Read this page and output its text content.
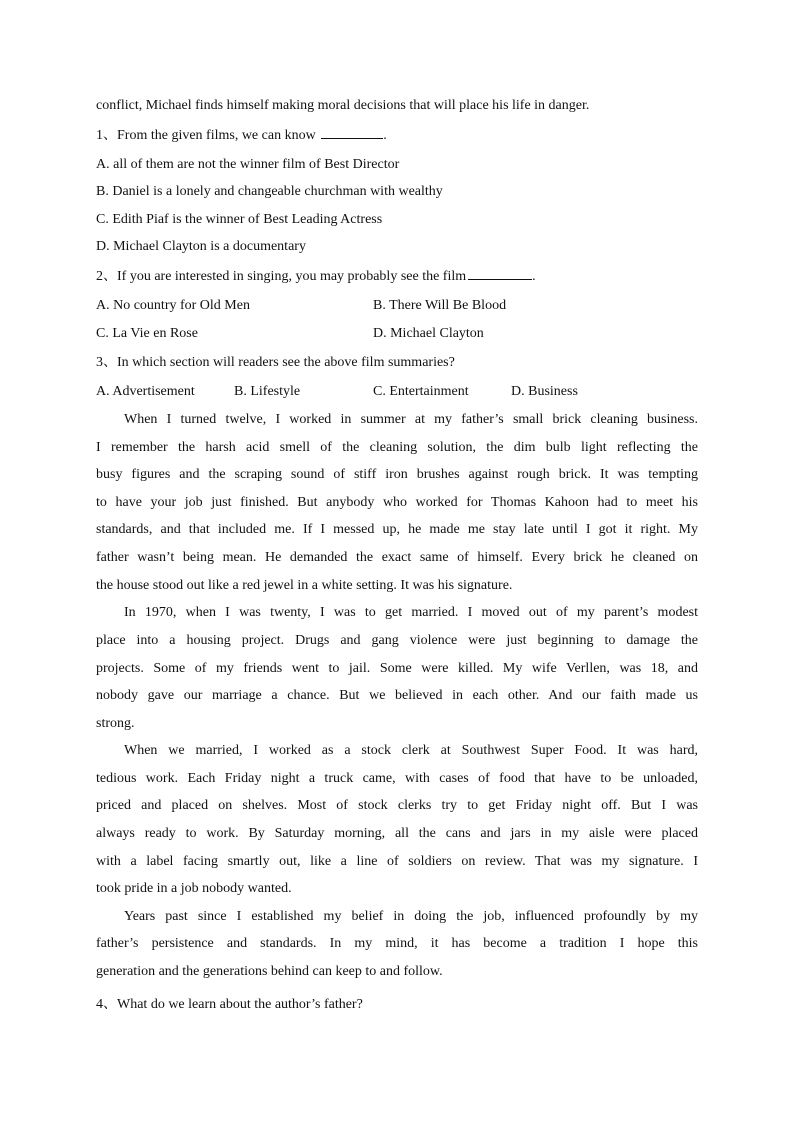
conflict, Michael finds himself making moral decisions that will place his life in danger.
1、From the given films, we can know	.
A. all of them are not the winner film of Best Director
B. Daniel is a lonely and changeable churchman with wealthy
C. Edith Piaf is the winner of Best Leading Actress
D. Michael Clayton is a documentary
2、If you are interested in singing, you may probably see the film	.
A. No country for Old Men	B. There Will Be Blood
C. La Vie en Rose	D. Michael Clayton
3、In which section will readers see the above film summaries?
A. Advertisement	B. Lifestyle	C. Entertainment	D. Business
When I turned twelve, I worked in summer at my father’s small brick cleaning business.
I remember the harsh acid smell of the cleaning solution, the dim bulb light reflecting the
busy figures and the scraping sound of stiff iron brushes against rough brick. It was tempting
to have your job just finished. But anybody who worked for Thomas Kahoon had to meet his
standards, and that included me. If I messed up, he made me stay late until I got it right. My
father wasn’t being mean. He demanded the exact same of himself. Every brick he cleaned on
the house stood out like a red jewel in a white setting. It was his signature.
In 1970, when I was twenty, I was to get married. I moved out of my parent’s modest
place into a housing project. Drugs and gang violence were just beginning to damage the
projects. Some of my friends went to jail. Some were killed. My wife Verllen, was 18, and
nobody gave our marriage a chance. But we believed in each other. And our faith made us
strong.
When we married, I worked as a stock clerk at Southwest Super Food. It was hard,
tedious work. Each Friday night a truck came, with cases of food that have to be unloaded,
priced and placed on shelves. Most of stock clerks try to get Friday night off. But I was
always ready to work. By Saturday morning, all the cans and jars in my aisle were placed
with a label facing smartly out, like a line of soldiers on review. That was my signature. I
took pride in a job nobody wanted.
Years past since I established my belief in doing the job, influenced profoundly by my
father’s persistence and standards. In my mind, it has become a tradition I hope this
generation and the generations behind can keep to and follow.
4、What do we learn about the author’s father?
